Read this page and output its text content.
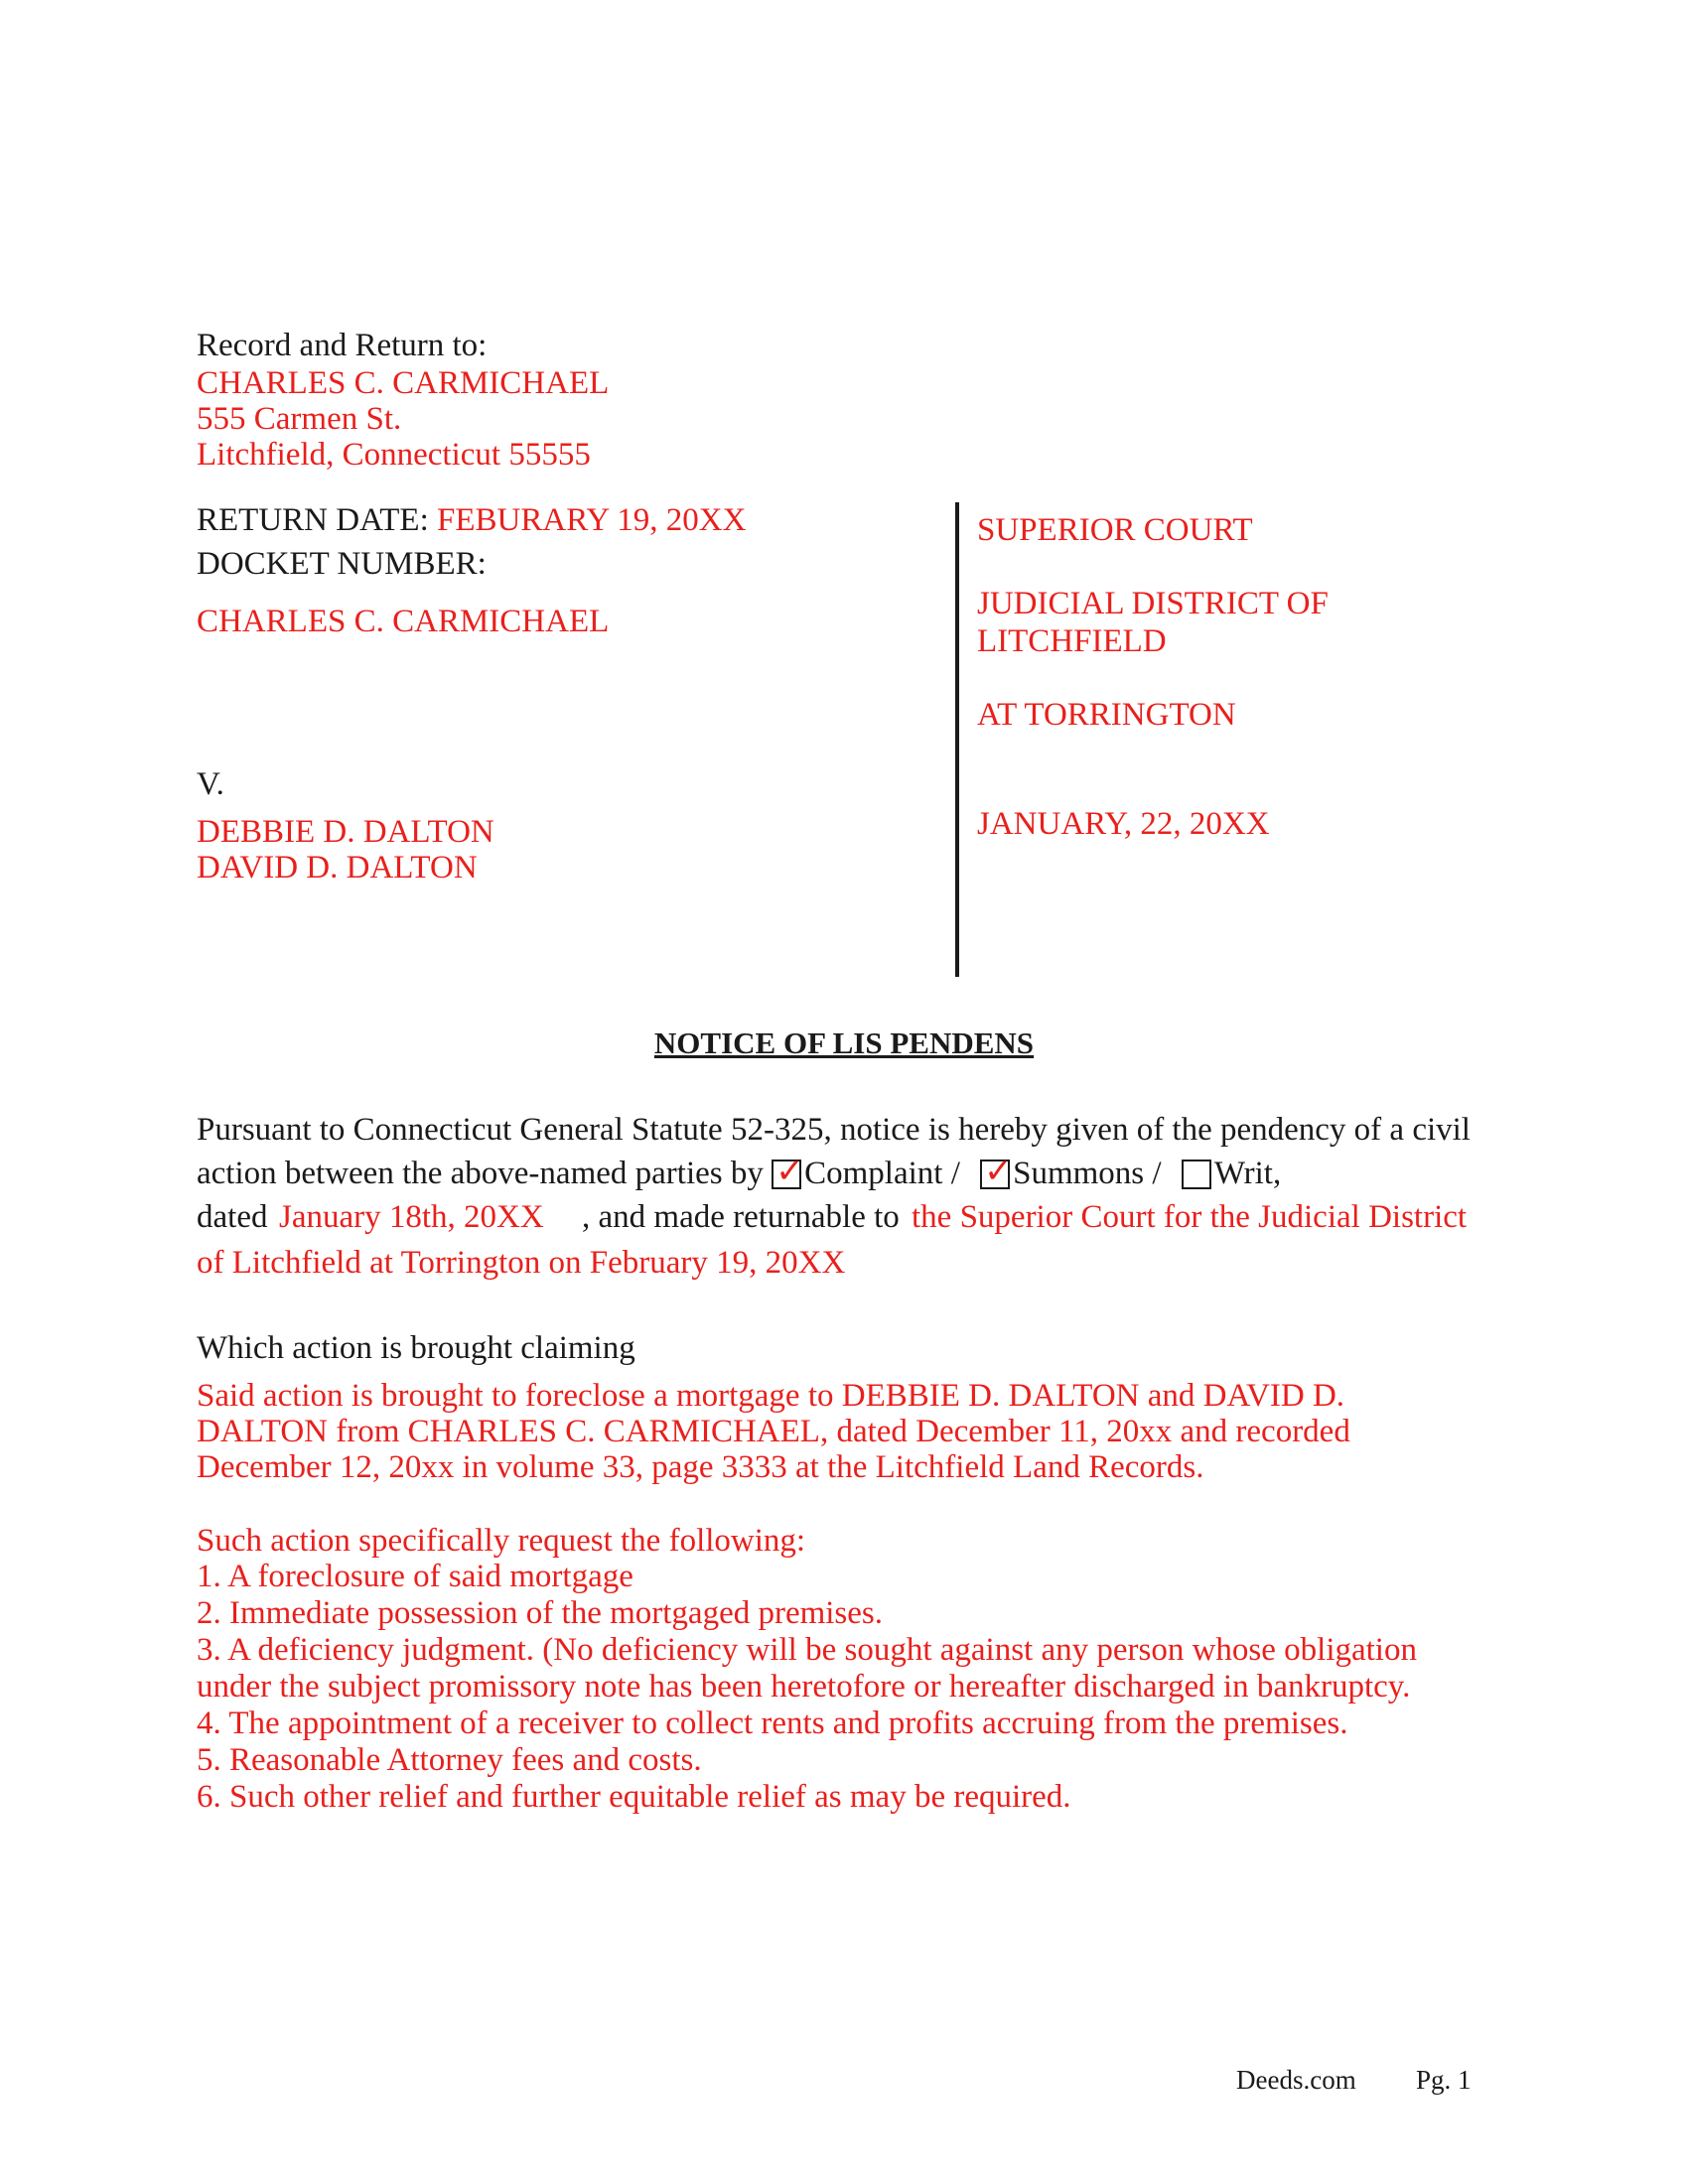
Record and Return to:
CHARLES C. CARMICHAEL
555 Carmen St.
Litchfield, Connecticut 55555
RETURN DATE: FEBURARY 19, 20XX
DOCKET NUMBER:
CHARLES C. CARMICHAEL
V.
DEBBIE D. DALTON
DAVID D. DALTON
SUPERIOR COURT
JUDICIAL DISTRICT OF
LITCHFIELD
AT TORRINGTON
JANUARY, 22, 20XX
NOTICE OF LIS PENDENS
Pursuant to Connecticut General Statute 52-325, notice is hereby given of the pendency of a civil
action between the above-named parties by ✓ Complaint / ✓ Summons / Writ,
dated January 18th, 20XX , and made returnable to the Superior Court for the Judicial District
of Litchfield at Torrington on February 19, 20XX
Which action is brought claiming
Said action is brought to foreclose a mortgage to DEBBIE D. DALTON and DAVID D.
DALTON from CHARLES C. CARMICHAEL, dated December 11, 20xx and recorded
December 12, 20xx in volume 33, page 3333 at the Litchfield Land Records.
Such action specifically request the following:
1. A foreclosure of said mortgage
2. Immediate possession of the mortgaged premises.
3. A deficiency judgment. (No deficiency will be sought against any person whose obligation
under the subject promissory note has been heretofore or hereafter discharged in bankruptcy.
4. The appointment of a receiver to collect rents and profits accruing from the premises.
5. Reasonable Attorney fees and costs.
6. Such other relief and further equitable relief as may be required.
Deeds.com Pg. 1
